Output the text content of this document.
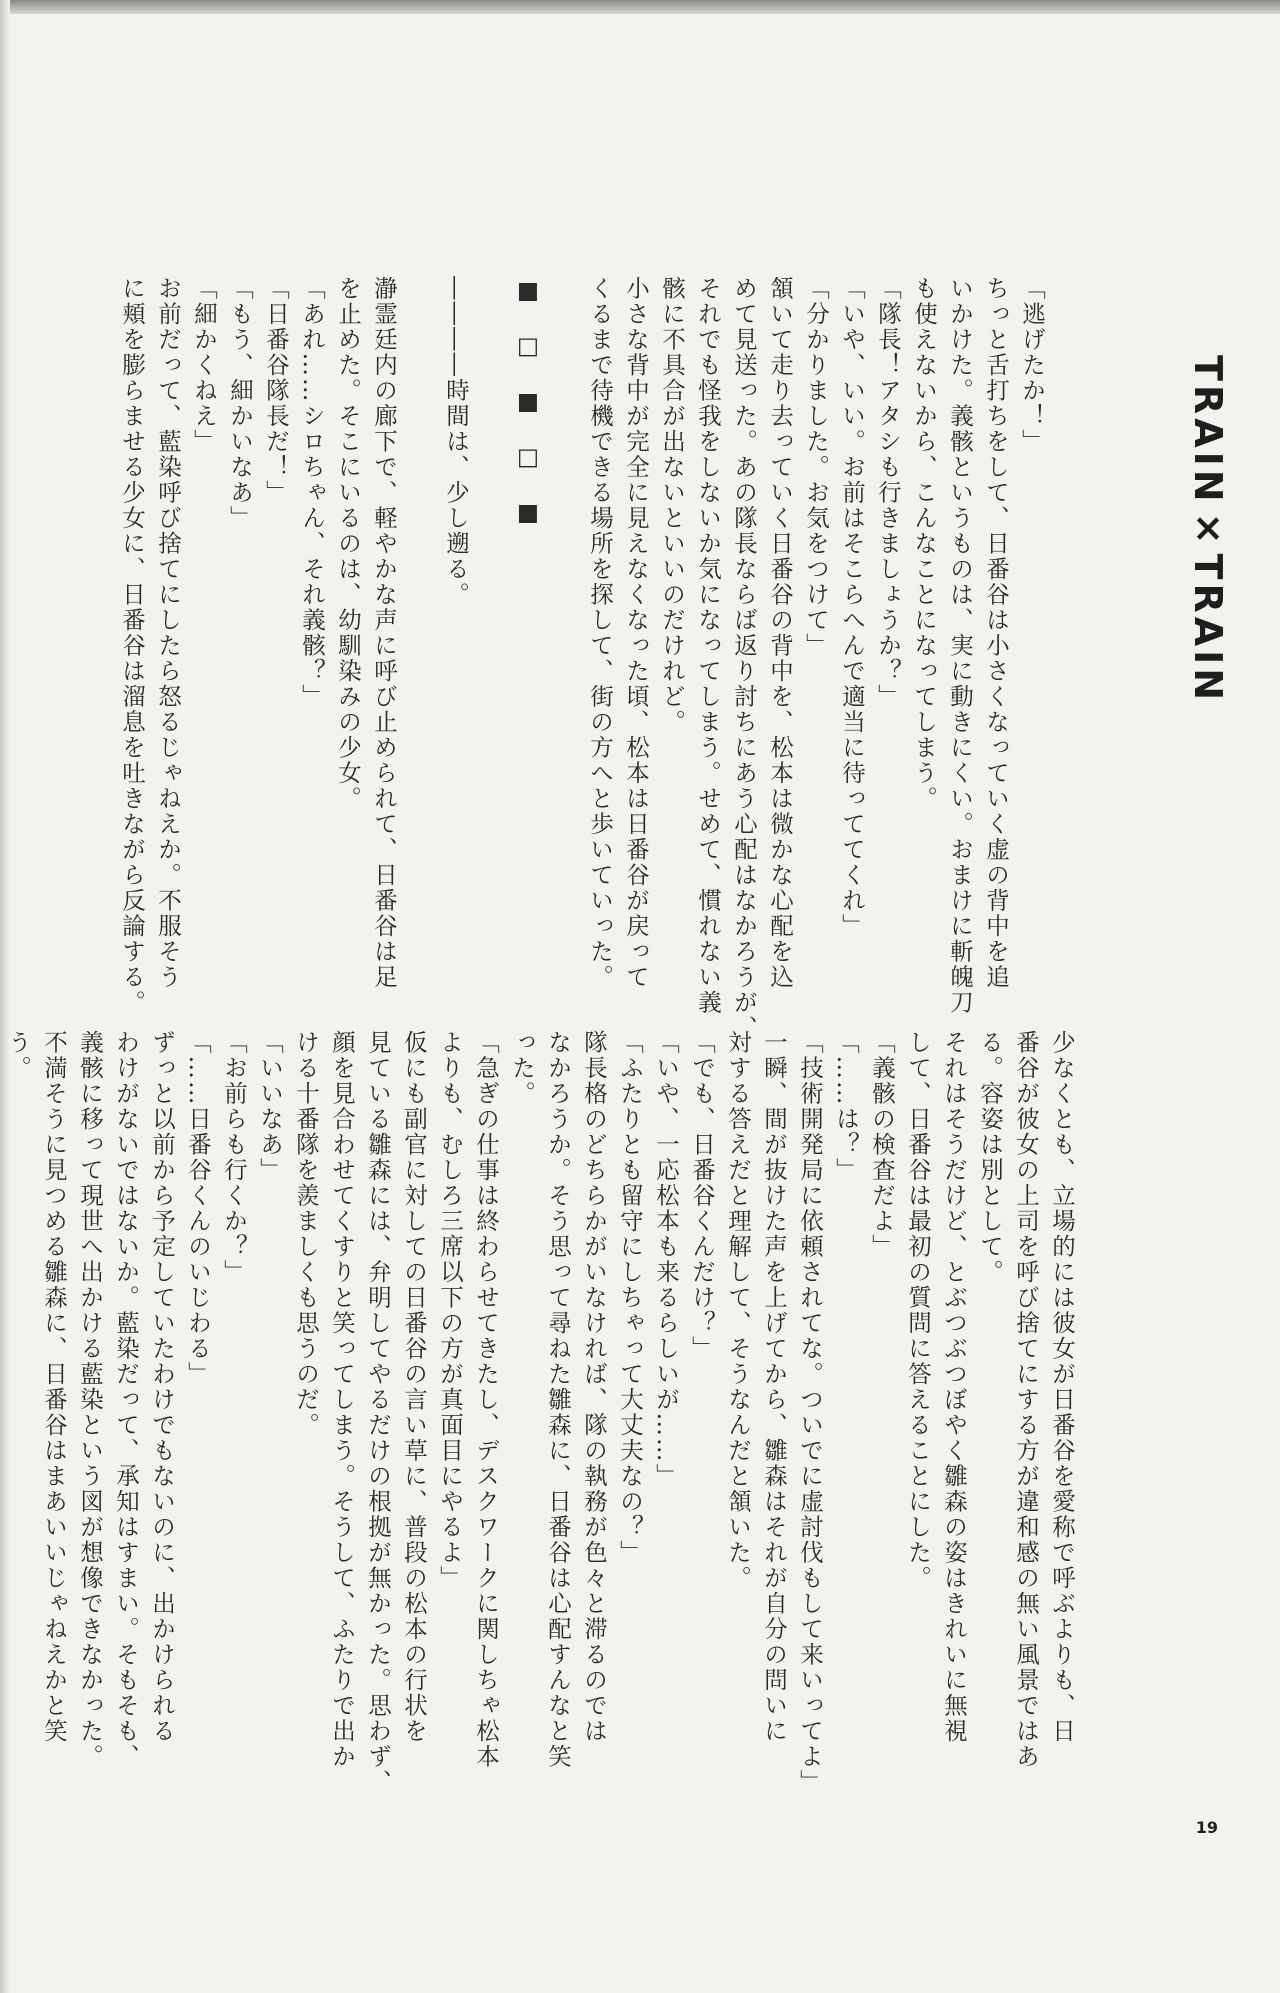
TRAIN×TRAIN
「逃げたか！」
ちっと舌打ちをして、日番谷は小さくなっていく虚の背中を追
いかけた。義骸というものは、実に動きにくい。おまけに斬魄刀
も使えないから、こんなことになってしまう。
「隊長！アタシも行きましょうか？」
「いや、いい。お前はそこらへんで適当に待っててくれ」
「分かりました。お気をつけて」
頷いて走り去っていく日番谷の背中を、松本は微かな心配を込
めて見送った。あの隊長ならば返り討ちにあう心配はなかろうが、
それでも怪我をしないか気になってしまう。せめて、慣れない義
骸に不具合が出ないといいのだけれど。
小さな背中が完全に見えなくなった頃、松本は日番谷が戻って
くるまで待機できる場所を探して、街の方へと歩いていった。

■　□　■　□　■

――――時間は、少し遡る。

瀞霊廷内の廊下で、軽やかな声に呼び止められて、日番谷は足
を止めた。そこにいるのは、幼馴染みの少女。
「あれ……シロちゃん、それ義骸？」
「日番谷隊長だ！」
「もう、細かいなあ」
「細かくねえ」
お前だって、藍染呼び捨てにしたら怒るじゃねえか。不服そう
に頬を膨らませる少女に、日番谷は溜息を吐きながら反論する。
少なくとも、立場的には彼女が日番谷を愛称で呼ぶよりも、日
番谷が彼女の上司を呼び捨てにする方が違和感の無い風景ではあ
る。容姿は別として。
それはそうだけど、とぶつぶつぼやく雛森の姿はきれいに無視
して、日番谷は最初の質問に答えることにした。
「義骸の検査だよ」
「……は？」
「技術開発局に依頼されてな。ついでに虚討伐もして来いってよ」
一瞬、間が抜けた声を上げてから、雛森はそれが自分の問いに
対する答えだと理解して、そうなんだと頷いた。
「でも、日番谷くんだけ？」
「いや、一応松本も来るらしいが……」
「ふたりとも留守にしちゃって大丈夫なの？」
隊長格のどちらかがいなければ、隊の執務が色々と滞るのでは
なかろうか。そう思って尋ねた雛森に、日番谷は心配すんなと笑
った。
「急ぎの仕事は終わらせてきたし、デスクワークに関しちゃ松本
よりも、むしろ三席以下の方が真面目にやるよ」
仮にも副官に対しての日番谷の言い草に、普段の松本の行状を
見ている雛森には、弁明してやるだけの根拠が無かった。思わず、
顔を見合わせてくすりと笑ってしまう。そうして、ふたりで出か
ける十番隊を羨ましくも思うのだ。
「いいなあ」
「お前らも行くか？」
「……日番谷くんのいじわる」
ずっと以前から予定していたわけでもないのに、出かけられる
わけがないではないか。藍染だって、承知はすまい。そもそも、
義骸に移って現世へ出かける藍染という図が想像できなかった。
不満そうに見つめる雛森に、日番谷はまあいいじゃねえかと笑
う。
19
